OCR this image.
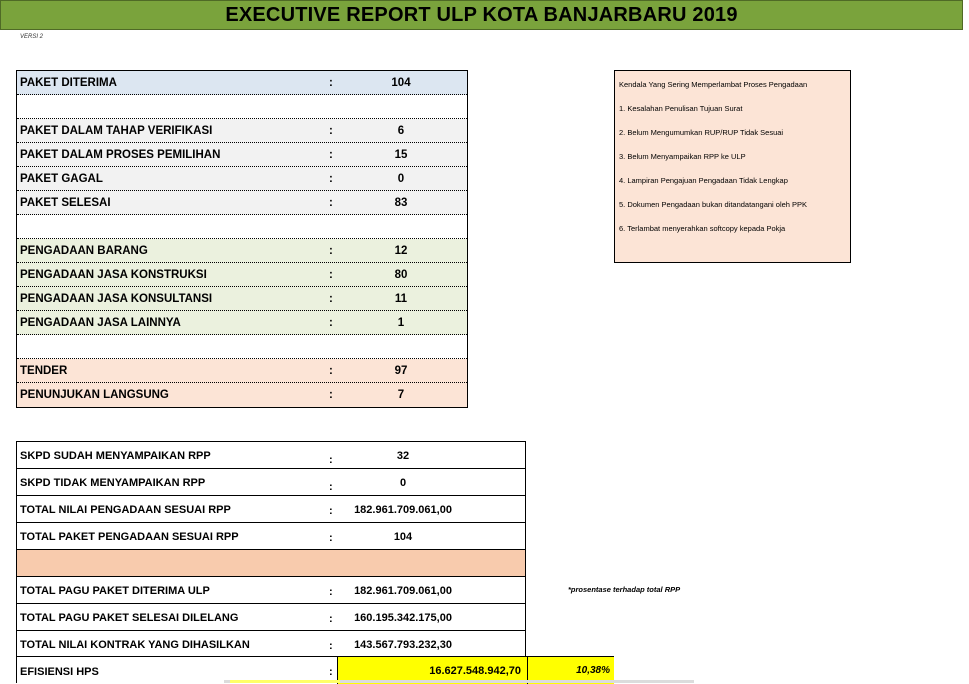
EXECUTIVE REPORT ULP KOTA BANJARBARU 2019
VERSI 2
PAKET DITERIMA	:	104
PAKET DALAM TAHAP VERIFIKASI	:	6
PAKET DALAM PROSES PEMILIHAN	:	15
PAKET GAGAL	:	0
PAKET SELESAI	:	83
PENGADAAN BARANG	:	12
PENGADAAN JASA KONSTRUKSI	:	80
PENGADAAN JASA KONSULTANSI	:	11
PENGADAAN JASA LAINNYA	:	1
TENDER	:	97
PENUNJUKAN LANGSUNG	:	7
Kendala Yang Sering Memperlambat Proses Pengadaan
1. Kesalahan Penulisan Tujuan Surat
2. Belum Mengumumkan RUP/RUP Tidak Sesuai
3. Belum Menyampaikan RPP ke ULP
4. Lampiran Pengajuan Pengadaan Tidak Lengkap
5. Dokumen Pengadaan bukan ditandatangani oleh PPK
6. Terlambat menyerahkan softcopy kepada Pokja
SKPD SUDAH MENYAMPAIKAN RPP	:	32
SKPD TIDAK MENYAMPAIKAN RPP	:	0
TOTAL NILAI PENGADAAN SESUAI RPP	: 182.961.709.061,00
TOTAL PAKET PENGADAAN SESUAI RPP	:	104
TOTAL PAGU PAKET DITERIMA ULP	: 182.961.709.061,00
TOTAL PAGU PAKET SELESAI DILELANG	: 160.195.342.175,00
TOTAL NILAI KONTRAK YANG DIHASILKAN	: 143.567.793.232,30
EFISIENSI HPS	:	16.627.548.942,70	10,38%
*prosentase terhadap total RPP
